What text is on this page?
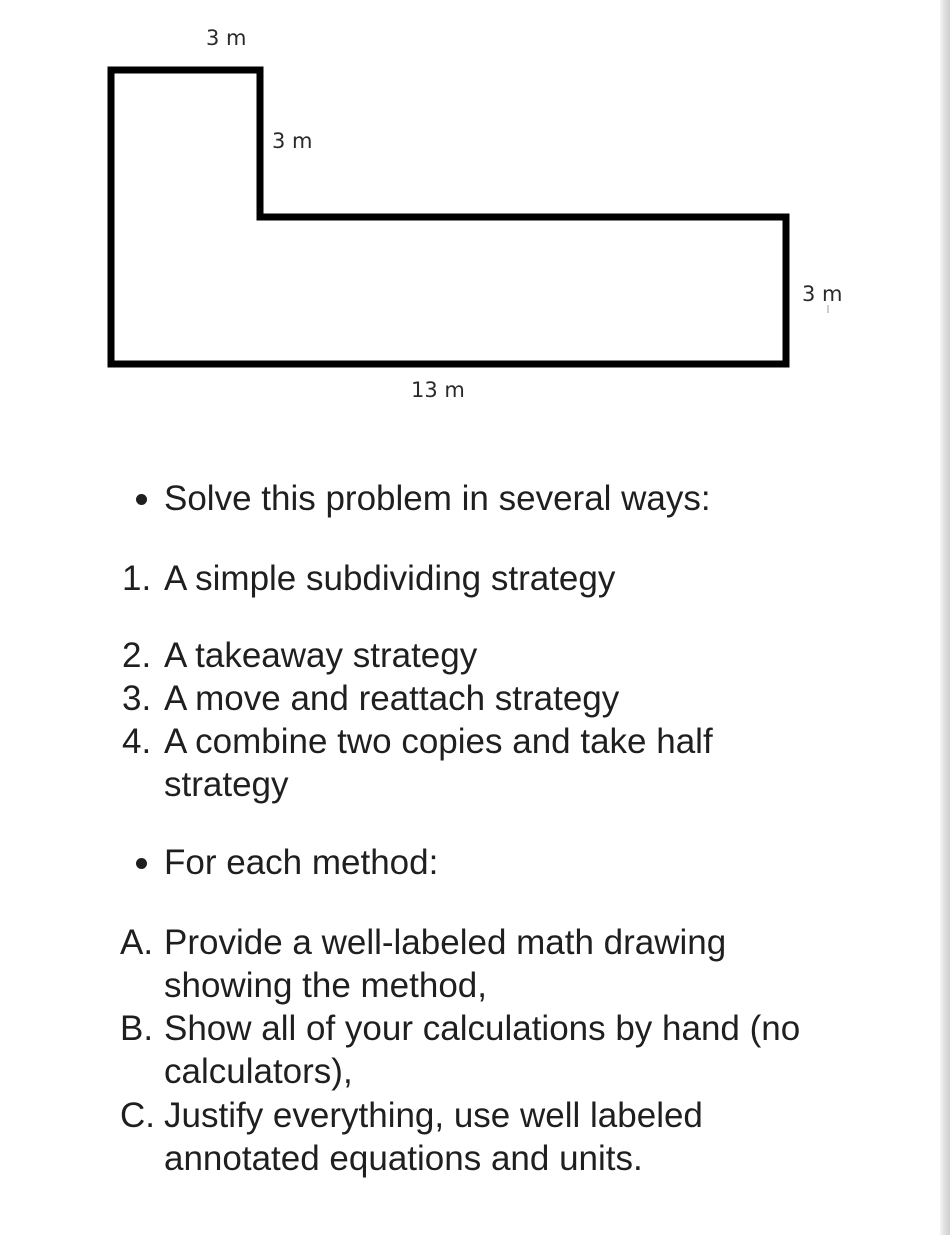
3 m
3 m
3 m
13 m
Solve this problem in several ways:
1. A simple subdividing strategy
2. A takeaway strategy
3. A move and reattach strategy
4. A combine two copies and take half
strategy
For each method:
A. Provide a well-labeled math drawing
showing the method,
B. Show all of your calculations by hand (no
calculators),
C. Justify everything, use well labeled
annotated equations and units.
